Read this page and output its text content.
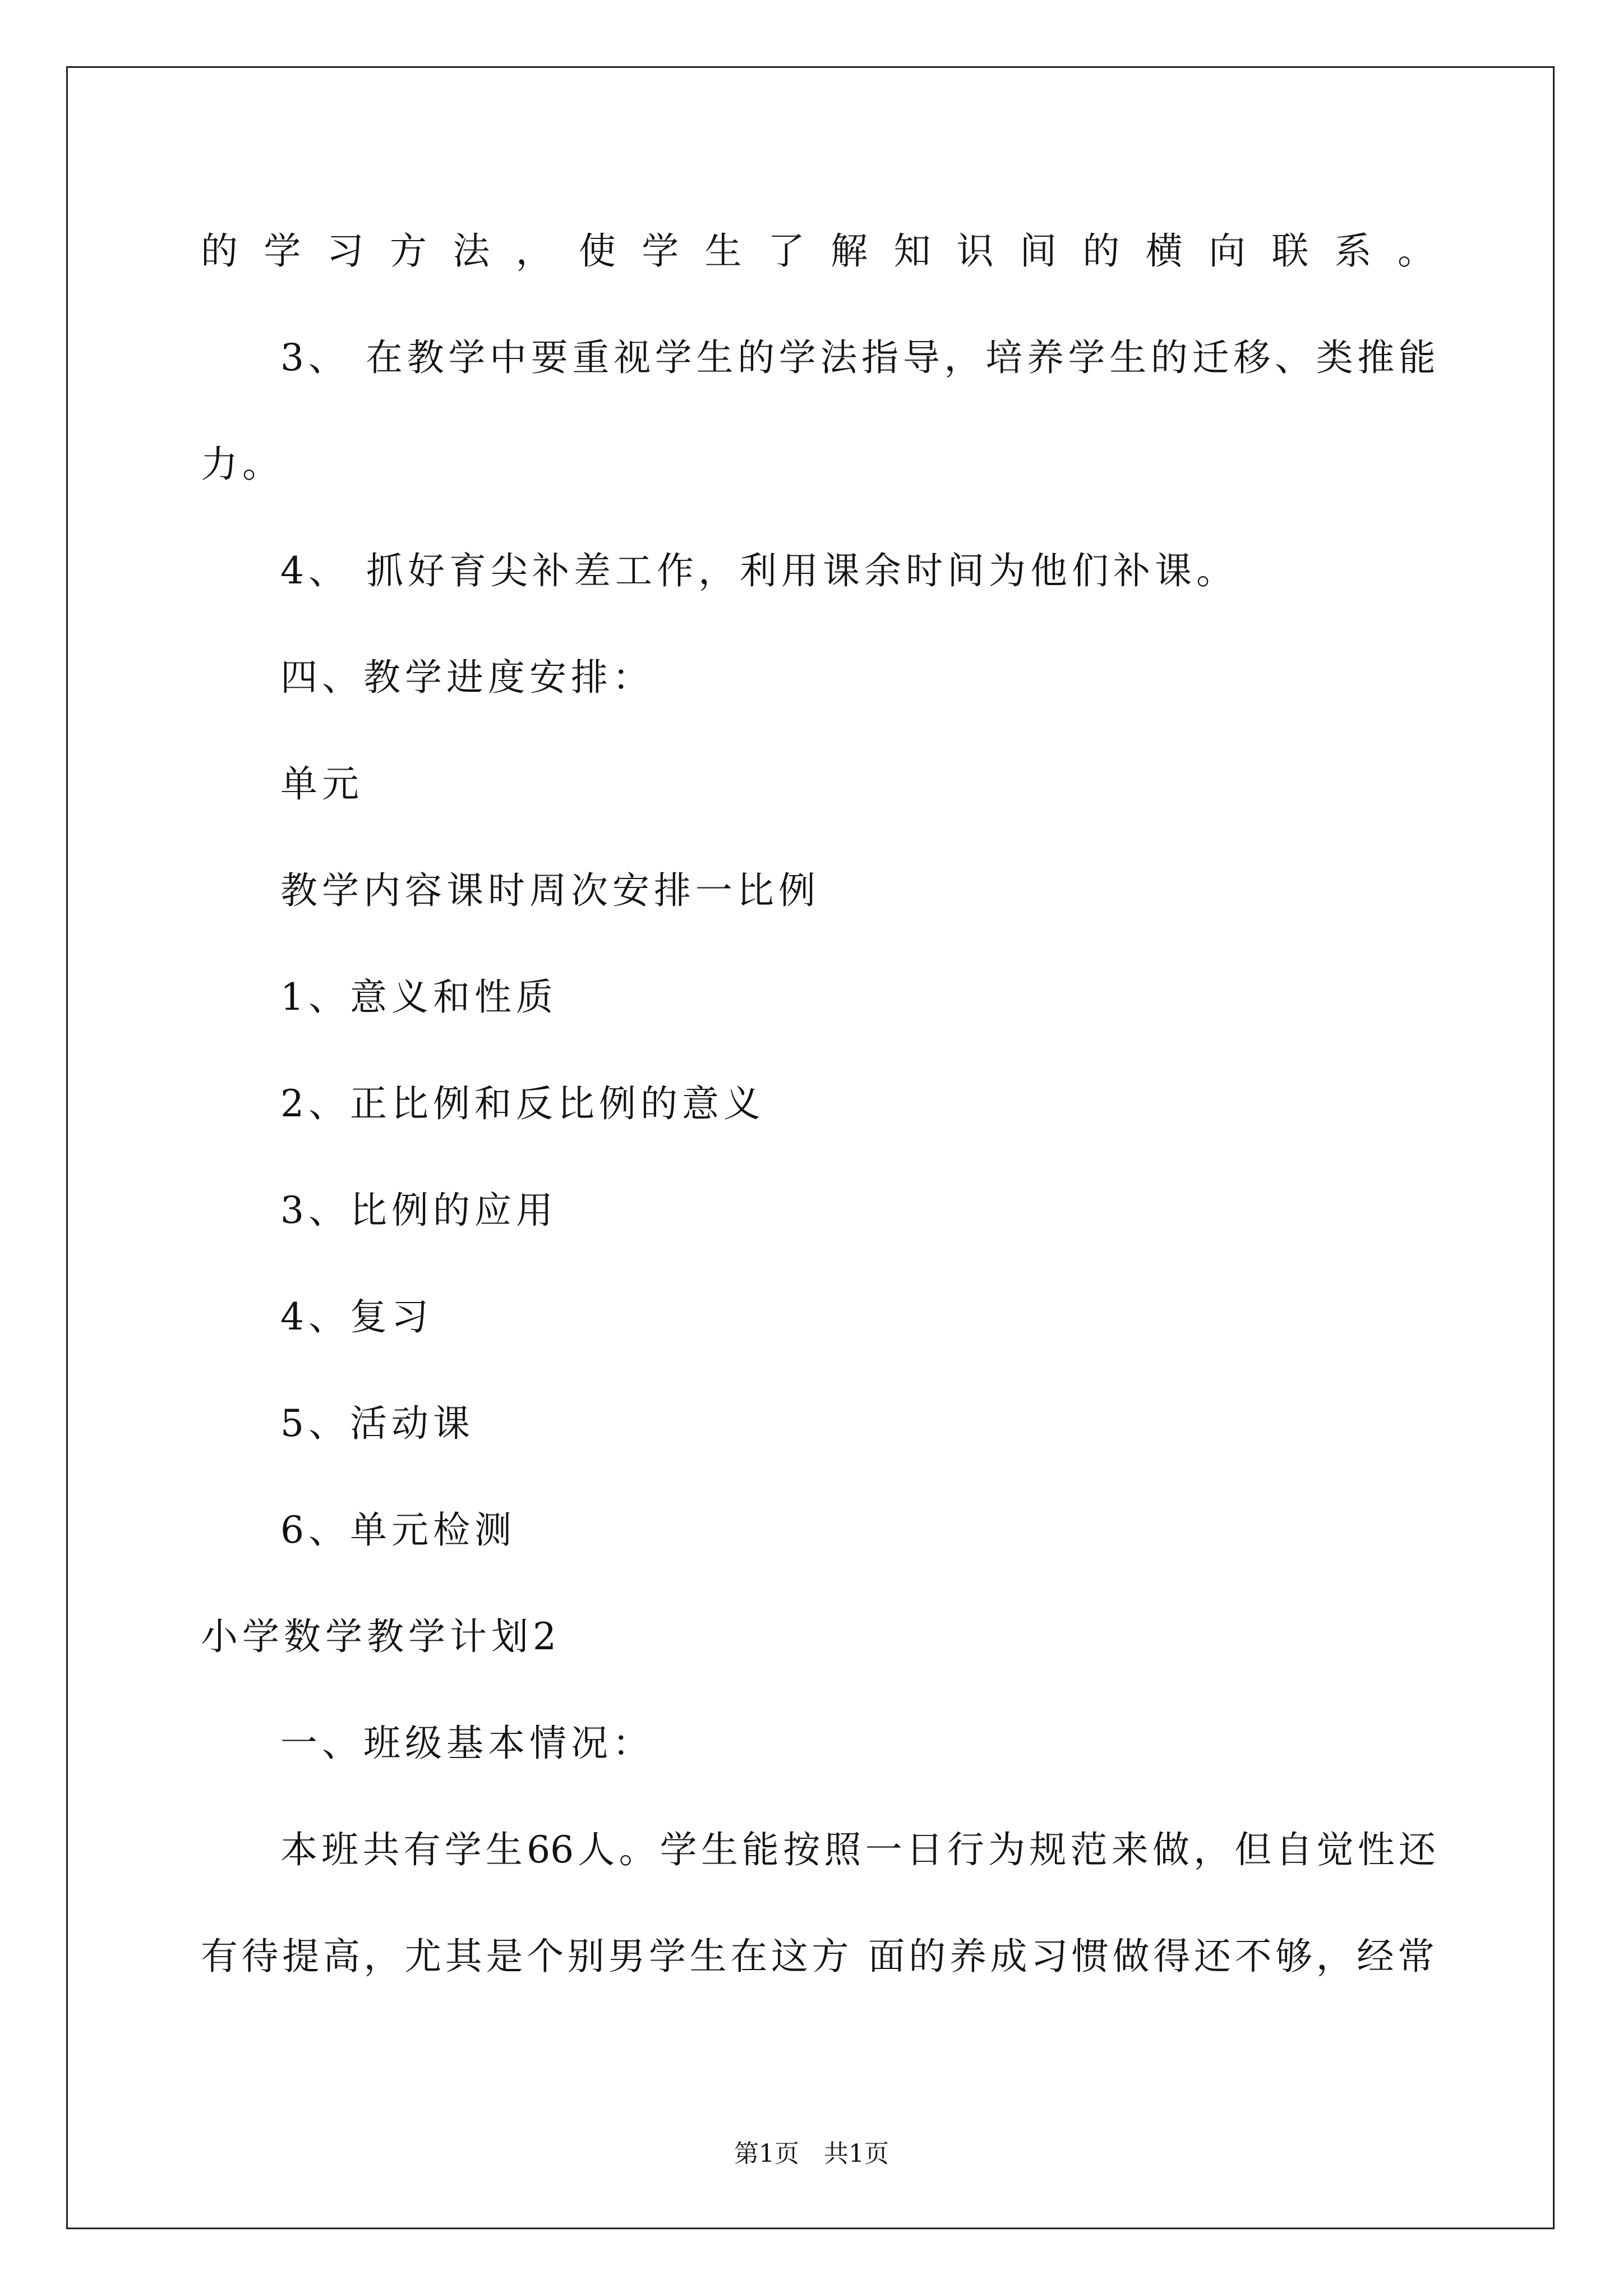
的学习方法，使学生了解知识间的横向联系。
3、 在教学中要重视学生的学法指导，培养学生的迁移、类推能
力。
4、 抓好育尖补差工作，利用课余时间为他们补课。
四、教学进度安排：
单元
教学内容课时周次安排一比例
1、意义和性质
2、正比例和反比例的意义
3、比例的应用
4、复习
5、活动课
6、单元检测
小学数学教学计划2
一、班级基本情况：
本班共有学生66人。学生能按照一日行为规范来做，但自觉性还
有待提高，尤其是个别男学生在这方 面的养成习惯做得还不够，经常
第1页　共1页
